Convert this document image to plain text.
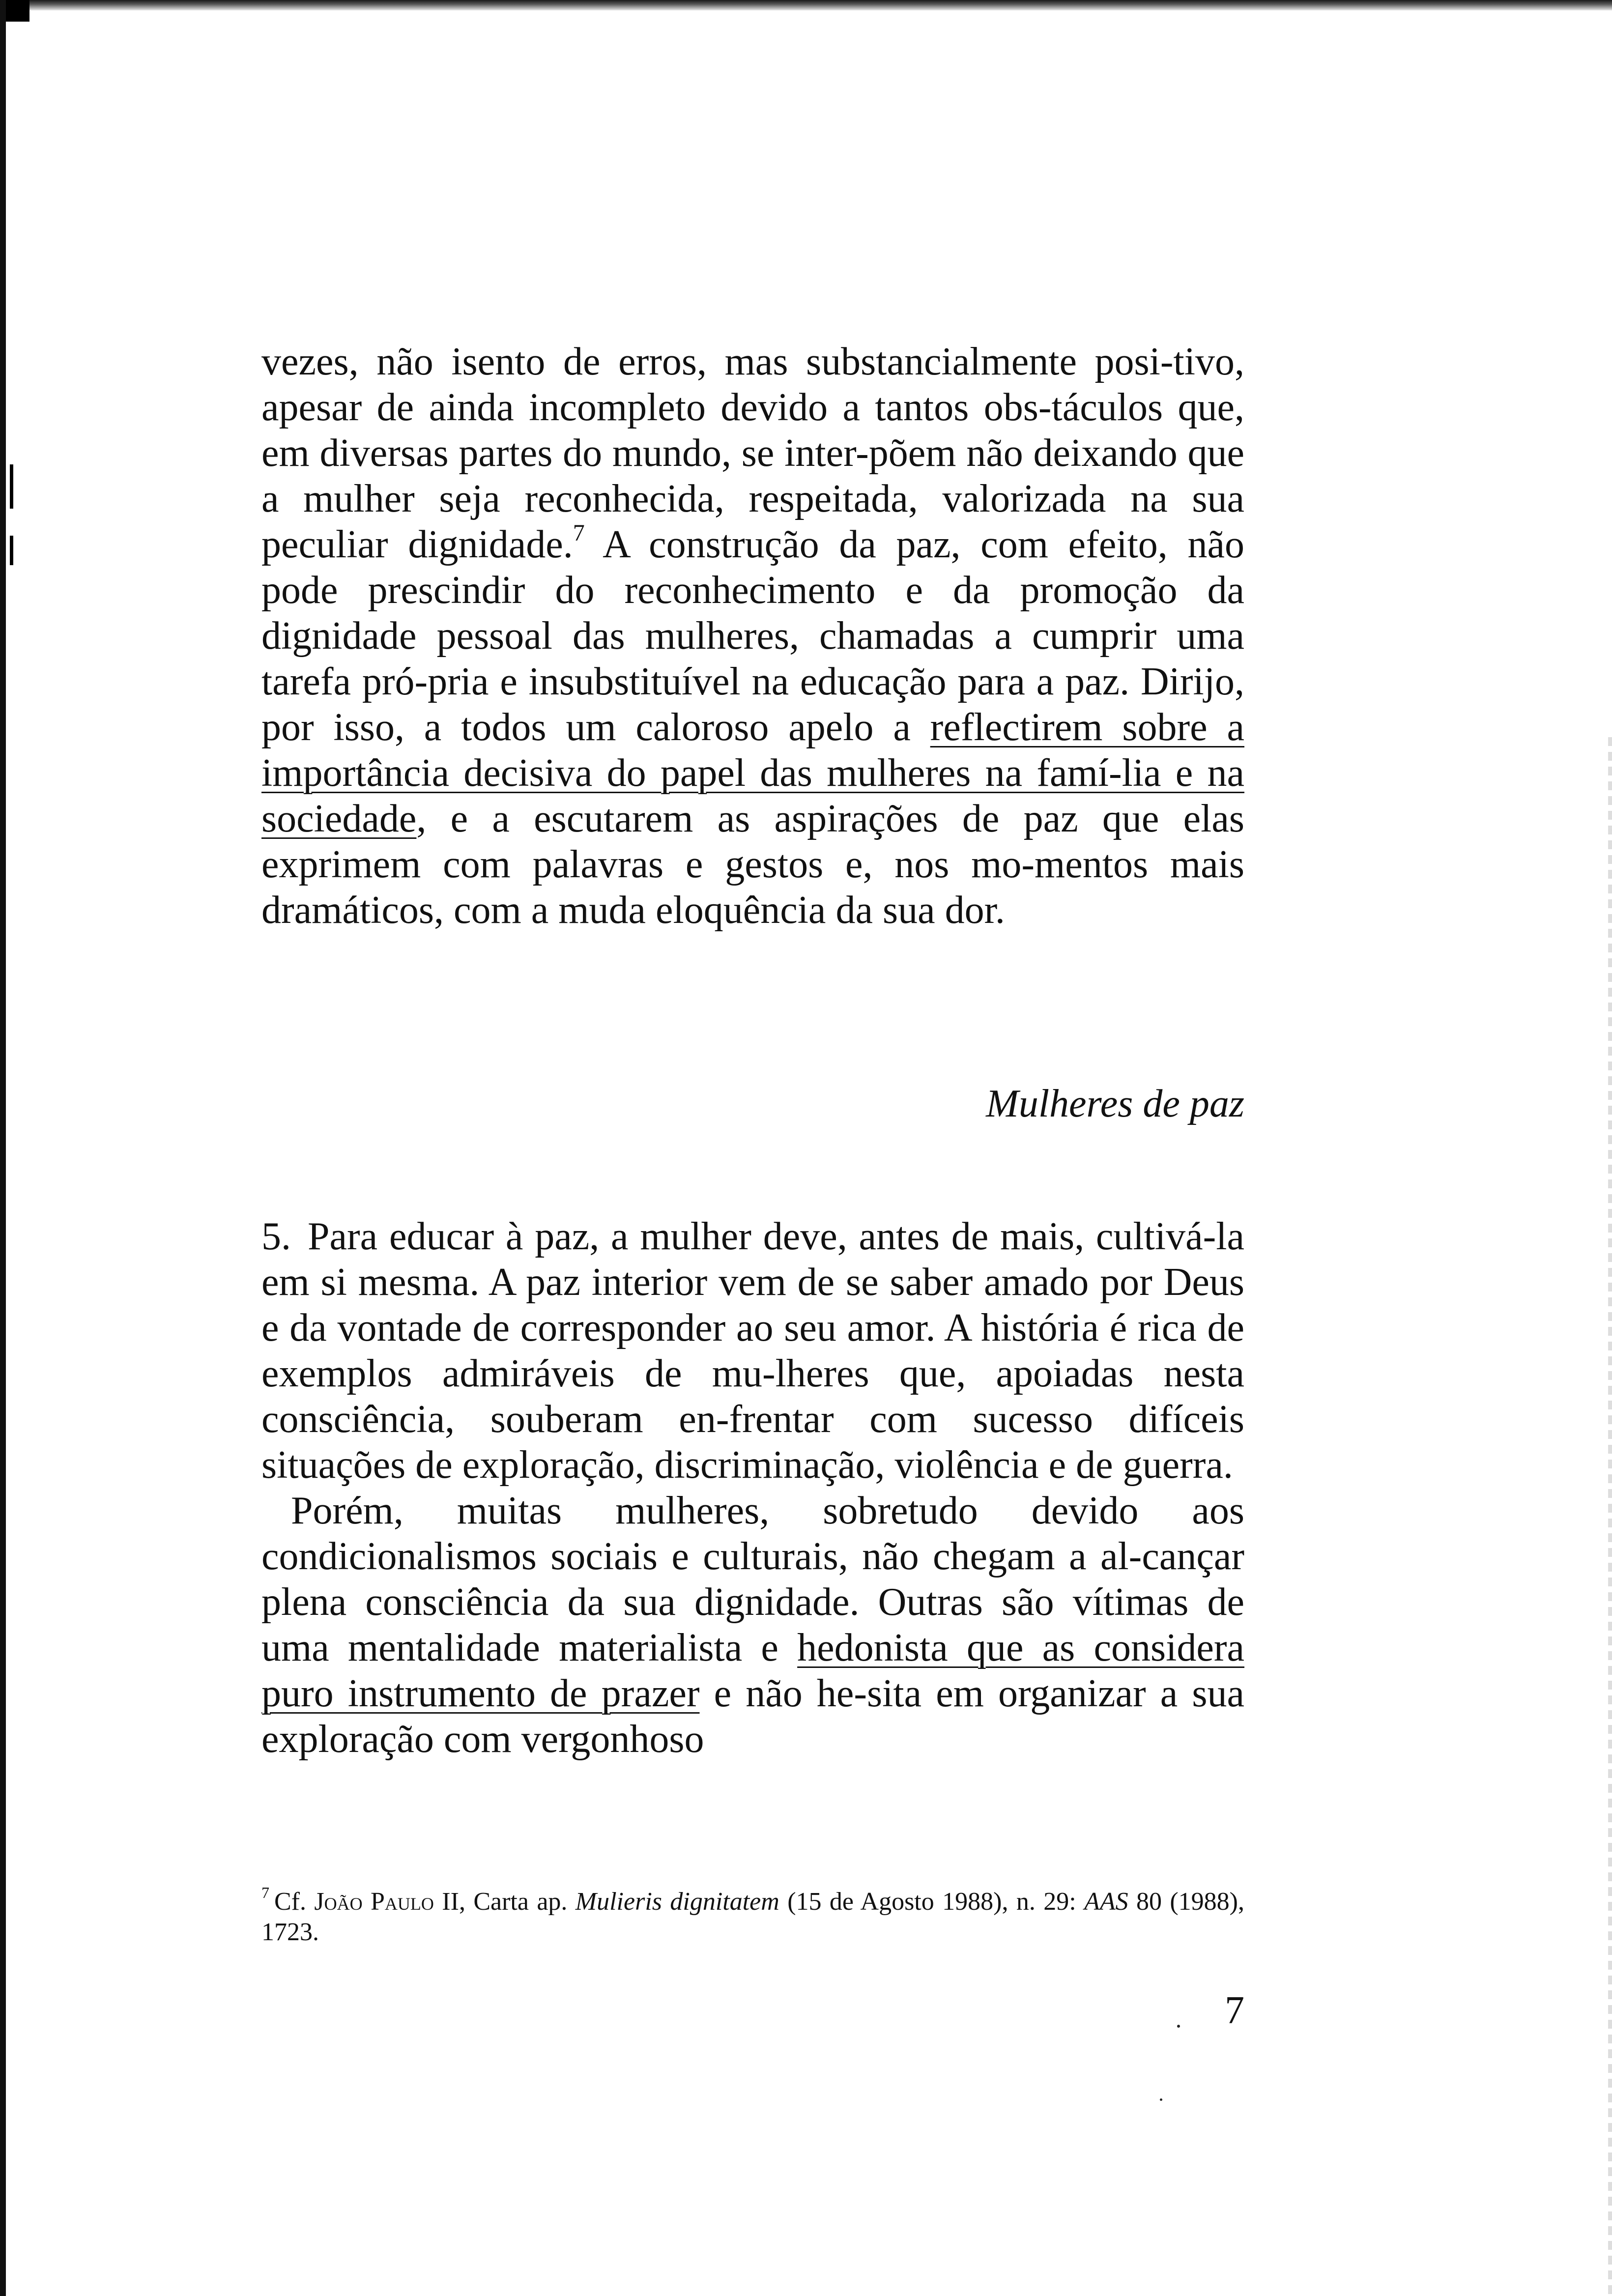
vezes, não isento de erros, mas substancialmente posi-tivo, apesar de ainda incompleto devido a tantos obs-táculos que, em diversas partes do mundo, se inter-põem não deixando que a mulher seja reconhecida, respeitada, valorizada na sua peculiar dignidade.$^7$ A construção da paz, com efeito, não pode prescindir do reconhecimento e da promoção da dignidade pessoal das mulheres, chamadas a cumprir uma tarefa pró-pria e insubstituível na educação para a paz. Dirijo, por isso, a todos um caloroso apelo a reflectirem sobre a importância decisiva do papel das mulheres na famí-lia e na sociedade, e a escutarem as aspirações de paz que elas exprimem com palavras e gestos e, nos mo-mentos mais dramáticos, com a muda eloquência da sua dor.

Mulheres de paz

5. Para educar à paz, a mulher deve, antes de mais, cultivá-la em si mesma. A paz interior vem de se saber amado por Deus e da vontade de corresponder ao seu amor. A história é rica de exemplos admiráveis de mu-lheres que, apoiadas nesta consciência, souberam en-frentar com sucesso difíceis situações de exploração, discriminação, violência e de guerra.

Porém, muitas mulheres, sobretudo devido aos condicionalismos sociais e culturais, não chegam a al-cançar plena consciência da sua dignidade. Outras são vítimas de uma mentalidade materialista e hedonista que as considera puro instrumento de prazer e não he-sita em organizar a sua exploração com vergonhoso

$^7$ Cf. João Paulo II, Carta ap. Mulieris dignitatem (15 de Agosto 1988), n. 29: AAS 80 (1988), 1723.

7
